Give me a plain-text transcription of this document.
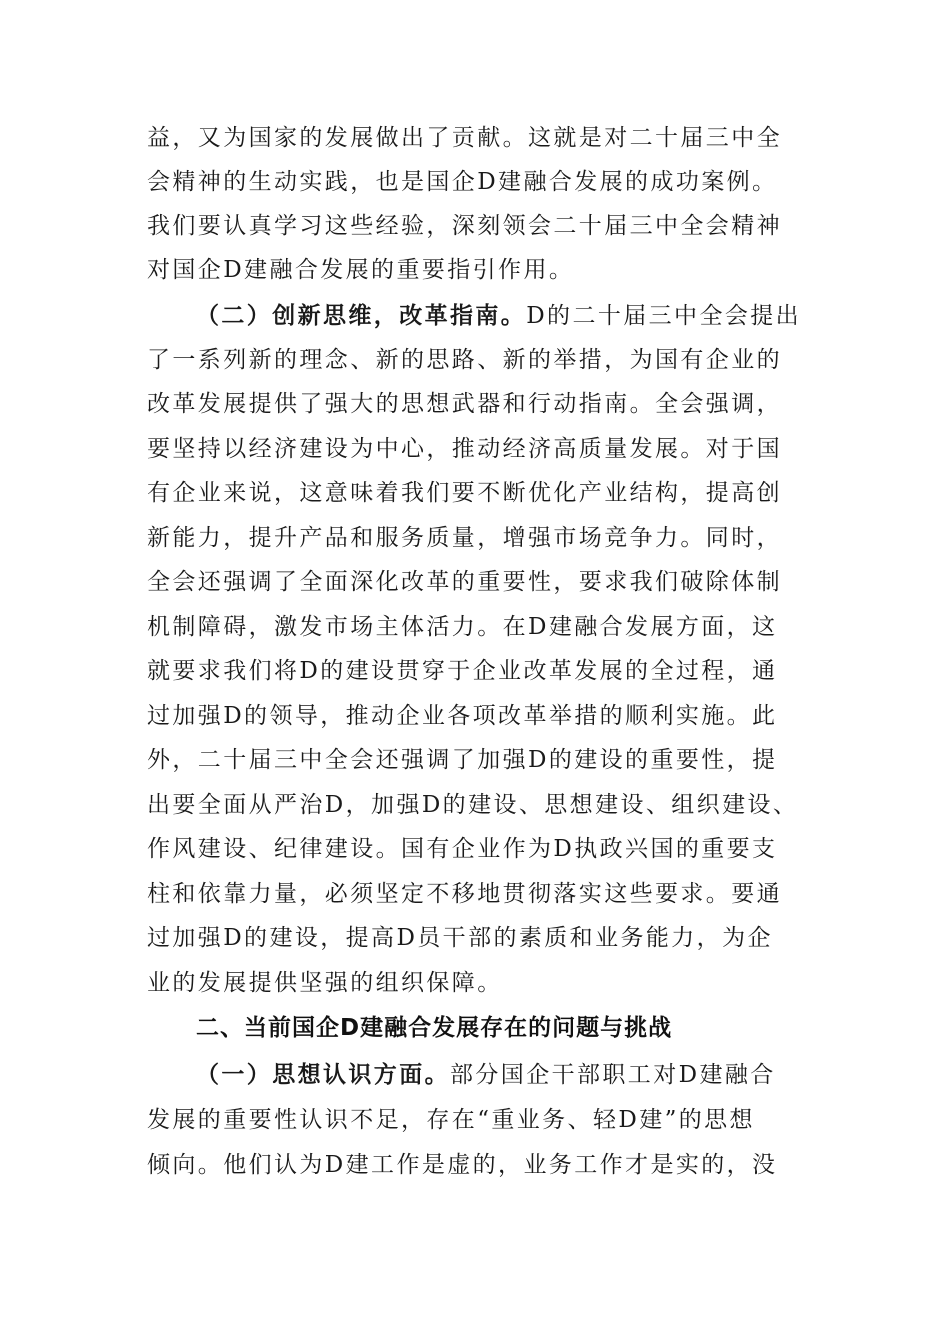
益，又为国家的发展做出了贡献。这就是对二十届三中全
会精神的生动实践，也是国企D建融合发展的成功案例。
我们要认真学习这些经验，深刻领会二十届三中全会精神
对国企D建融合发展的重要指引作用。
（二）创新思维，改革指南。D的二十届三中全会提出
了一系列新的理念、新的思路、新的举措，为国有企业的
改革发展提供了强大的思想武器和行动指南。全会强调，
要坚持以经济建设为中心，推动经济高质量发展。对于国
有企业来说，这意味着我们要不断优化产业结构，提高创
新能力，提升产品和服务质量，增强市场竞争力。同时，
全会还强调了全面深化改革的重要性，要求我们破除体制
机制障碍，激发市场主体活力。在D建融合发展方面，这
就要求我们将D的建设贯穿于企业改革发展的全过程，通
过加强D的领导，推动企业各项改革举措的顺利实施。此
外，二十届三中全会还强调了加强D的建设的重要性，提
出要全面从严治D，加强D的建设、思想建设、组织建设、
作风建设、纪律建设。国有企业作为D执政兴国的重要支
柱和依靠力量，必须坚定不移地贯彻落实这些要求。要通
过加强D的建设，提高D员干部的素质和业务能力，为企
业的发展提供坚强的组织保障。
二、当前国企D建融合发展存在的问题与挑战
（一）思想认识方面。部分国企干部职工对D建融合
发展的重要性认识不足，存在“重业务、轻D建”的思想
倾向。他们认为D建工作是虚的，业务工作才是实的，没
